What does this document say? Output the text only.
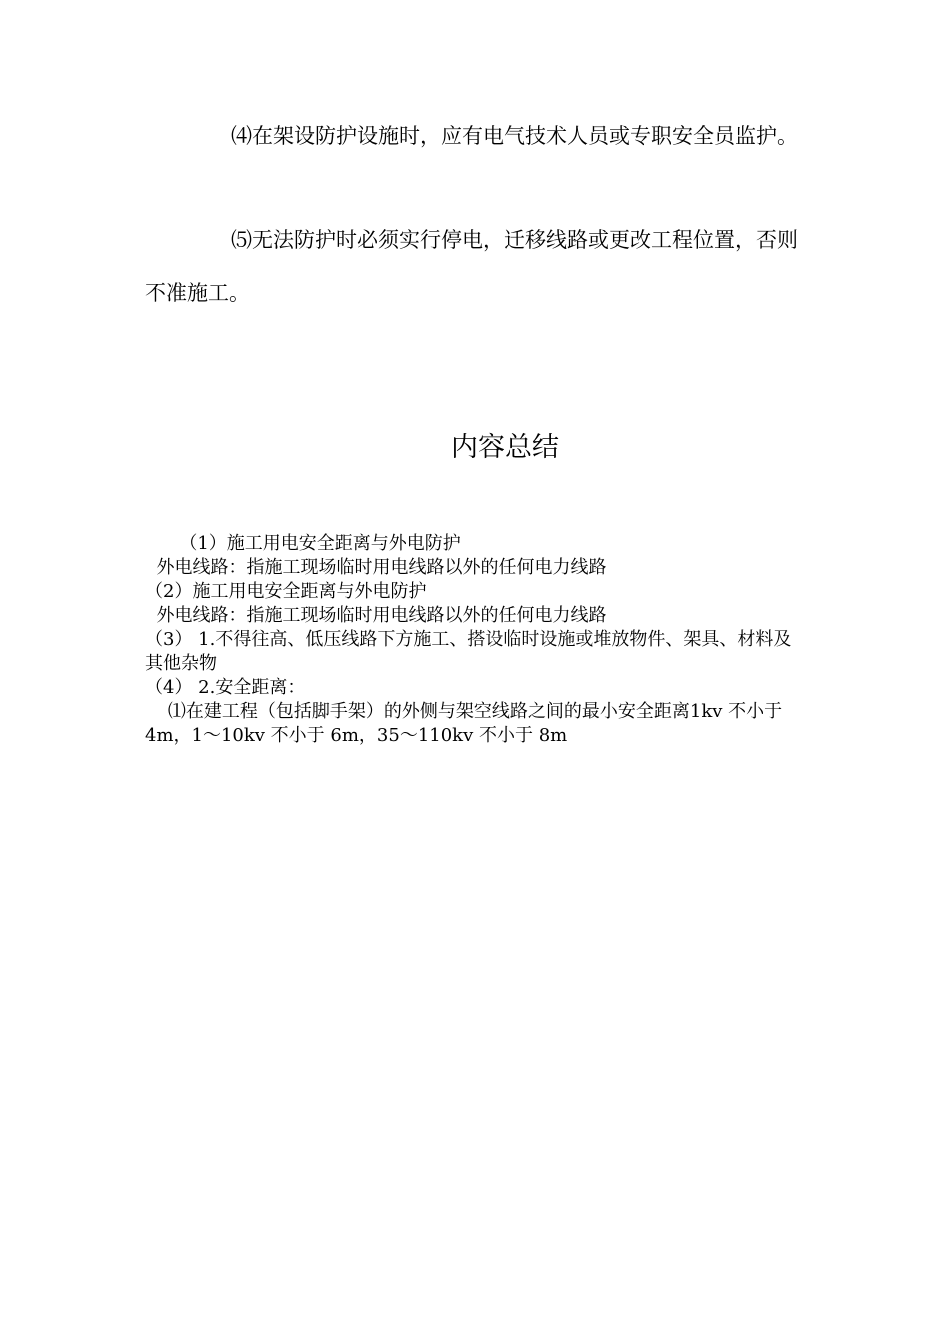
⑷在架设防护设施时，应有电气技术人员或专职安全员监护。

⑸无法防护时必须实行停电，迁移线路或更改工程位置，否则不准施工。

内容总结
（1）施工用电安全距离与外电防护
外电线路：指施工现场临时用电线路以外的任何电力线路
（2）施工用电安全距离与外电防护
外电线路：指施工现场临时用电线路以外的任何电力线路
（3） 1.不得往高、低压线路下方施工、搭设临时设施或堆放物件、架具、材料及其他杂物
（4） 2.安全距离：
⑴在建工程（包括脚手架）的外侧与架空线路之间的最小安全距离1kv 不小于 4m，1～10kv 不小于 6m，35～110kv 不小于 8m
